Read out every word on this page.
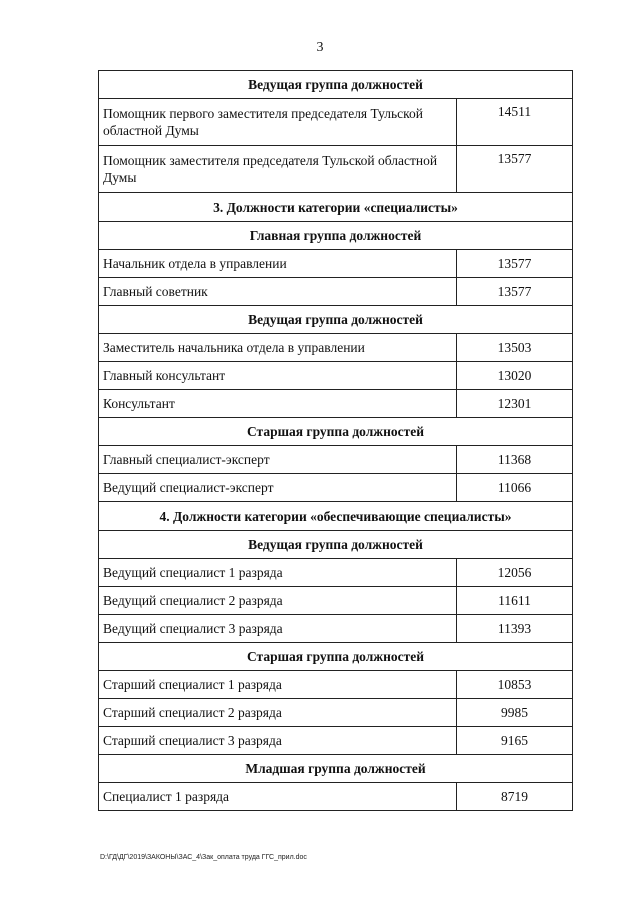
3
Ведущая группа должностей	
Помощник первого заместителя председателя Тульской областной Думы	14511
Помощник заместителя председателя Тульской областной Думы	13577
3. Должности категории «специалисты»	
Главная группа должностей	
Начальник отдела в управлении	13577
Главный советник	13577
Ведущая группа должностей	
Заместитель начальника отдела в управлении	13503
Главный консультант	13020
Консультант	12301
Старшая группа должностей	
Главный специалист-эксперт	11368
Ведущий специалист-эксперт	11066
4. Должности категории «обеспечивающие специалисты»	
Ведущая группа должностей	
Ведущий специалист 1 разряда	12056
Ведущий специалист 2 разряда	11611
Ведущий специалист 3 разряда	11393
Старшая группа должностей	
Старший специалист 1 разряда	10853
Старший специалист 2 разряда	9985
Старший специалист 3 разряда	9165
Младшая группа должностей	
Специалист 1 разряда	8719
D:\ГД\ДГ\2019\ЗАКОНЫ\ЗАС_4\Зак_оплата труда ГГС_прил.doc
